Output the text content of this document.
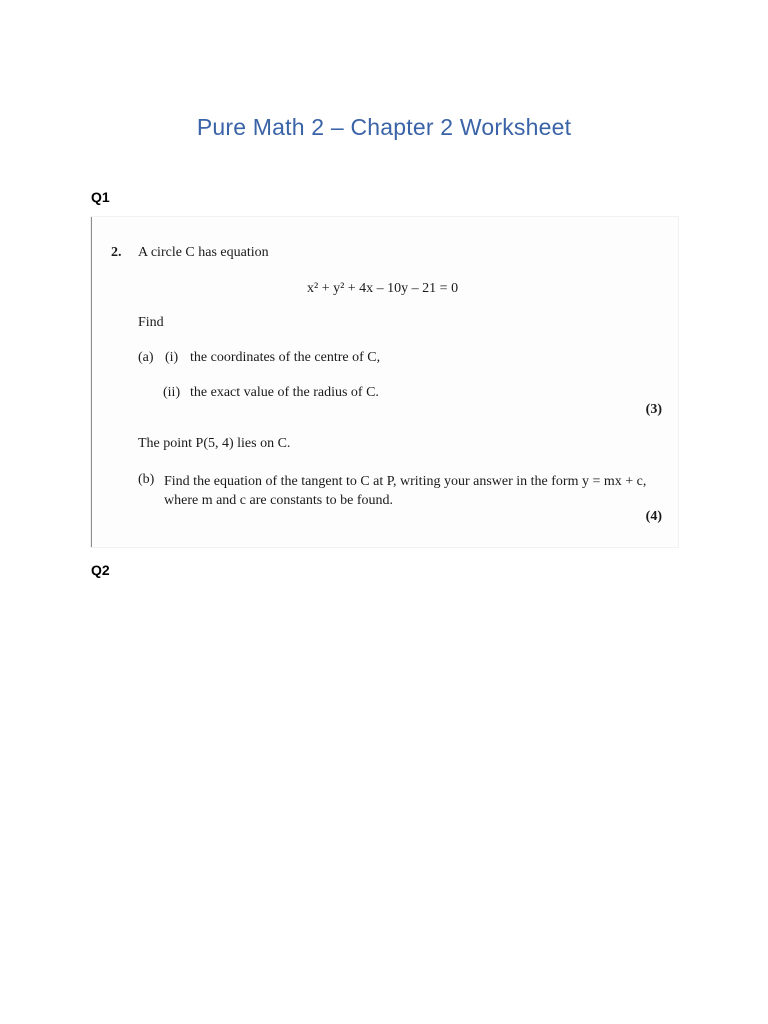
Pure Math 2 – Chapter 2 Worksheet
Q1
2. A circle C has equation
x² + y² + 4x – 10y – 21 = 0
Find
(a) (i) the coordinates of the centre of C,
(ii) the exact value of the radius of C.
(3)
The point P(5, 4) lies on C.
(b) Find the equation of the tangent to C at P, writing your answer in the form y = mx + c,
where m and c are constants to be found.
(4)
Q2
